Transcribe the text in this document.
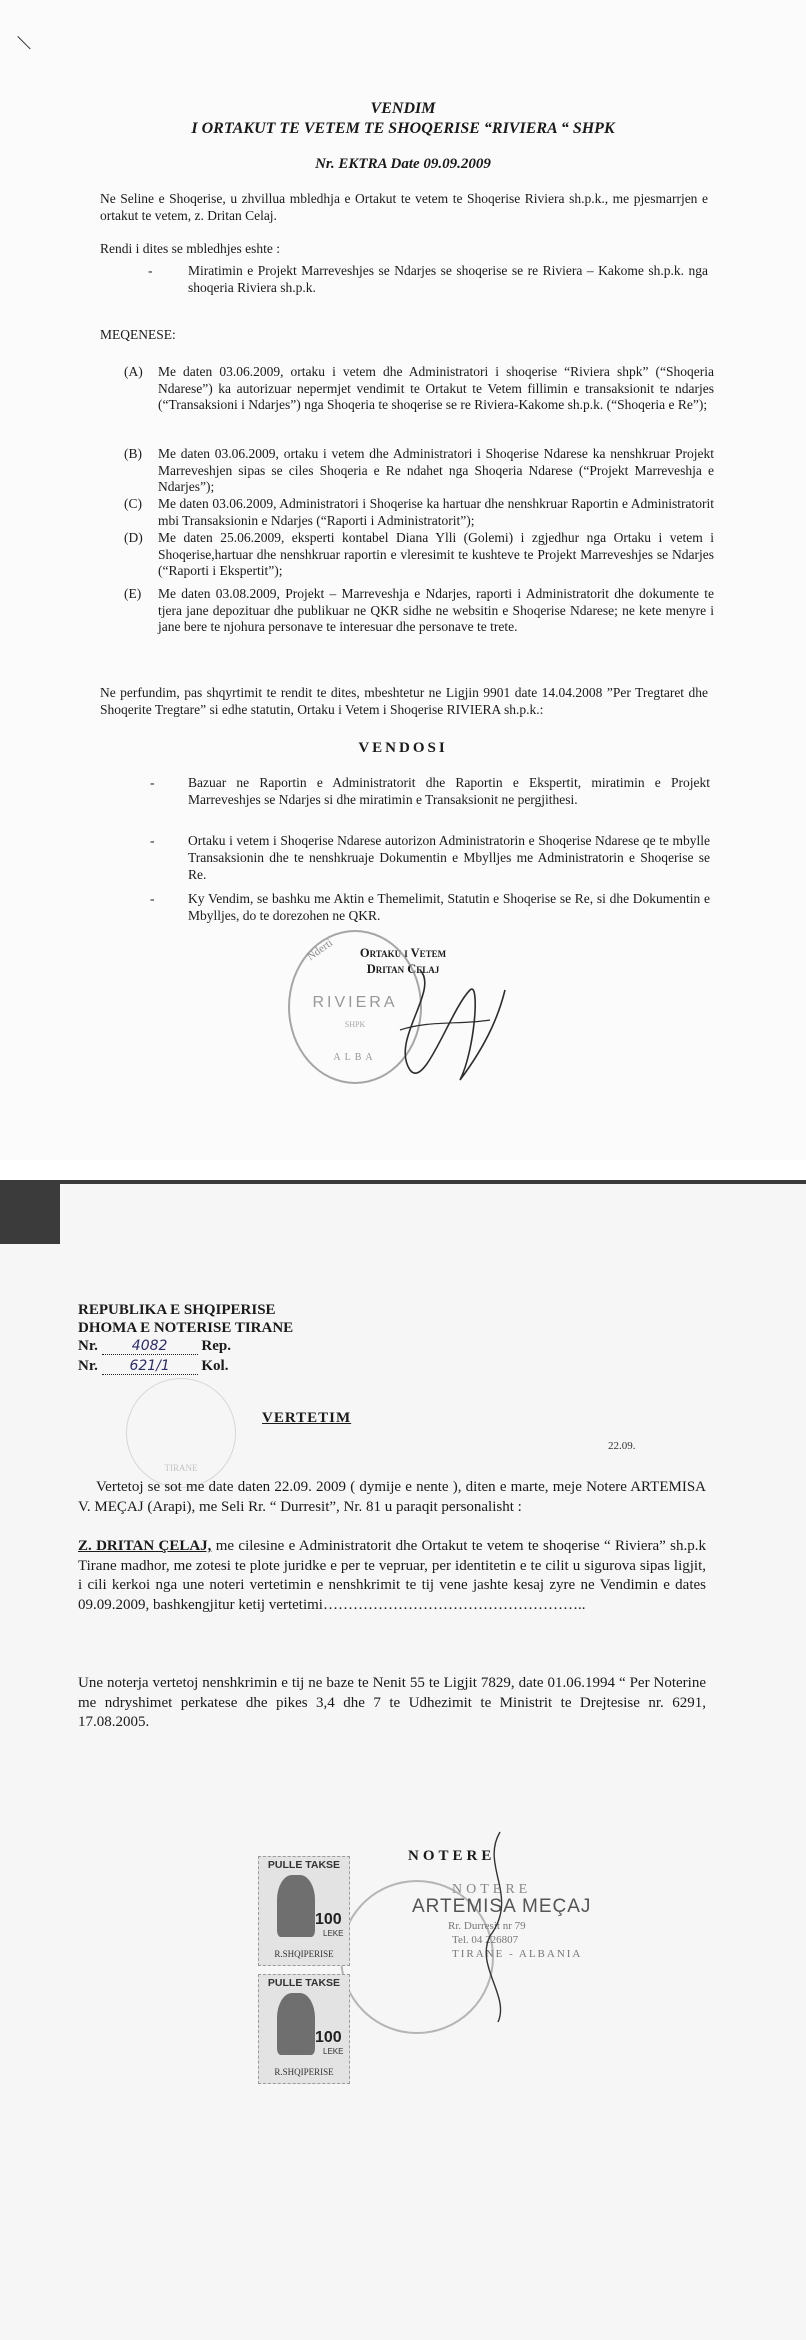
VENDIM
I ORTAKUT TE VETEM TE SHOQERISE “RIVIERA “ SHPK
Nr. EKTRA Date 09.09.2009
Ne Seline e Shoqerise, u zhvillua mbledhja e Ortakut te vetem te Shoqerise Riviera sh.p.k., me pjesmarrjen e ortakut te vetem, z. Dritan Celaj.
Rendi i dites se mbledhjes eshte :
-	Miratimin e Projekt Marreveshjes se Ndarjes se shoqerise se re Riviera – Kakome sh.p.k. nga shoqeria Riviera sh.p.k.
MEQENESE:
(A) Me daten 03.06.2009, ortaku i vetem dhe Administratori i shoqerise “Riviera shpk” (“Shoqeria Ndarese”) ka autorizuar nepermjet vendimit te Ortakut te Vetem fillimin e transaksionit te ndarjes (“Transaksioni i Ndarjes”) nga Shoqeria te shoqerise se re Riviera-Kakome sh.p.k. (“Shoqeria e Re”);
(B) Me daten 03.06.2009, ortaku i vetem dhe Administratori i Shoqerise Ndarese ka nenshkruar Projekt Marreveshjen sipas se ciles Shoqeria e Re ndahet nga Shoqeria Ndarese (“Projekt Marreveshja e Ndarjes”);
(C) Me daten 03.06.2009, Administratori i Shoqerise ka hartuar dhe nenshkruar Raportin e Administratorit mbi Transaksionin e Ndarjes (“Raporti i Administratorit”);
(D) Me daten 25.06.2009, eksperti kontabel Diana Ylli (Golemi) i zgjedhur nga Ortaku i vetem i Shoqerise,hartuar dhe nenshkruar raportin e vleresimit te kushteve te Projekt Marreveshjes se Ndarjes (“Raporti i Ekspertit”);
(E) Me daten 03.08.2009, Projekt – Marreveshja e Ndarjes, raporti i Administratorit dhe dokumente te tjera jane depozituar dhe publikuar ne QKR sidhe ne websitin e Shoqerise Ndarese; ne kete menyre i jane bere te njohura personave te interesuar dhe personave te trete.
Ne perfundim, pas shqyrtimit te rendit te dites, mbeshtetur ne Ligjin 9901 date 14.04.2008 ”Per Tregtaret dhe Shoqerite Tregtare” si edhe statutin, Ortaku i Vetem i Shoqerise RIVIERA sh.p.k.:
VENDOSI
- Bazuar ne Raportin e Administratorit dhe Raportin e Ekspertit, miratimin e Projekt Marreveshjes se Ndarjes si dhe miratimin e Transaksionit ne pergjithesi.
- Ortaku i vetem i Shoqerise Ndarese autorizon Administratorin e Shoqerise Ndarese qe te mbylle Transaksionin dhe te nenshkruaje Dokumentin e Mbylljes me Administratorin e Shoqerise se Re.
- Ky Vendim, se bashku me Aktin e Themelimit, Statutin e Shoqerise se Re, si dhe Dokumentin e Mbylljes, do te dorezohen ne QKR.
Ortaku i Vetem
Dritan Celaj
Nderti
RIVIERA
SHPK
ALBA
REPUBLIKA E SHQIPERISE
DHOMA E NOTERISE TIRANE
Nr. 4082 Rep.
Nr. 621/1 Kol.
TIRANE
VERTETIM
22.09.
Vertetoj se sot me date daten 22.09. 2009 ( dymije e nente ), diten e marte, meje Notere ARTEMISA V. MEÇAJ (Arapi), me Seli Rr. “ Durresit”, Nr. 81 u paraqit personalisht :
Z. DRITAN ÇELAJ, me cilesine e Administratorit dhe Ortakut te vetem te shoqerise “ Riviera” sh.p.k Tirane madhor, me zotesi te plote juridke e per te vepruar, per identitetin e te cilit u sigurova sipas ligjit, i cili kerkoi nga une noteri vertetimin e nenshkrimit te tij vene jashte kesaj zyre ne Vendimin e dates 09.09.2009, bashkengjitur ketij vertetimi……………………………………………..
Une noterja vertetoj nenshkrimin e tij ne baze te Nenit 55 te Ligjit 7829, date 01.06.1994 “ Per Noterine me ndryshimet perkatese dhe pikes 3,4 dhe 7 te Udhezimit te Ministrit te Drejtesise nr. 6291, 17.08.2005.
NOTERE
NOTERE
ARTEMISA MEÇAJ
Rr. Durresit nr 79
Tel. 04 226807
TIRANE - ALBANIA
PULLE TAKSE
100
LEKE
R.SHQIPERISE
PULLE TAKSE
100
LEKE
R.SHQIPERISE
